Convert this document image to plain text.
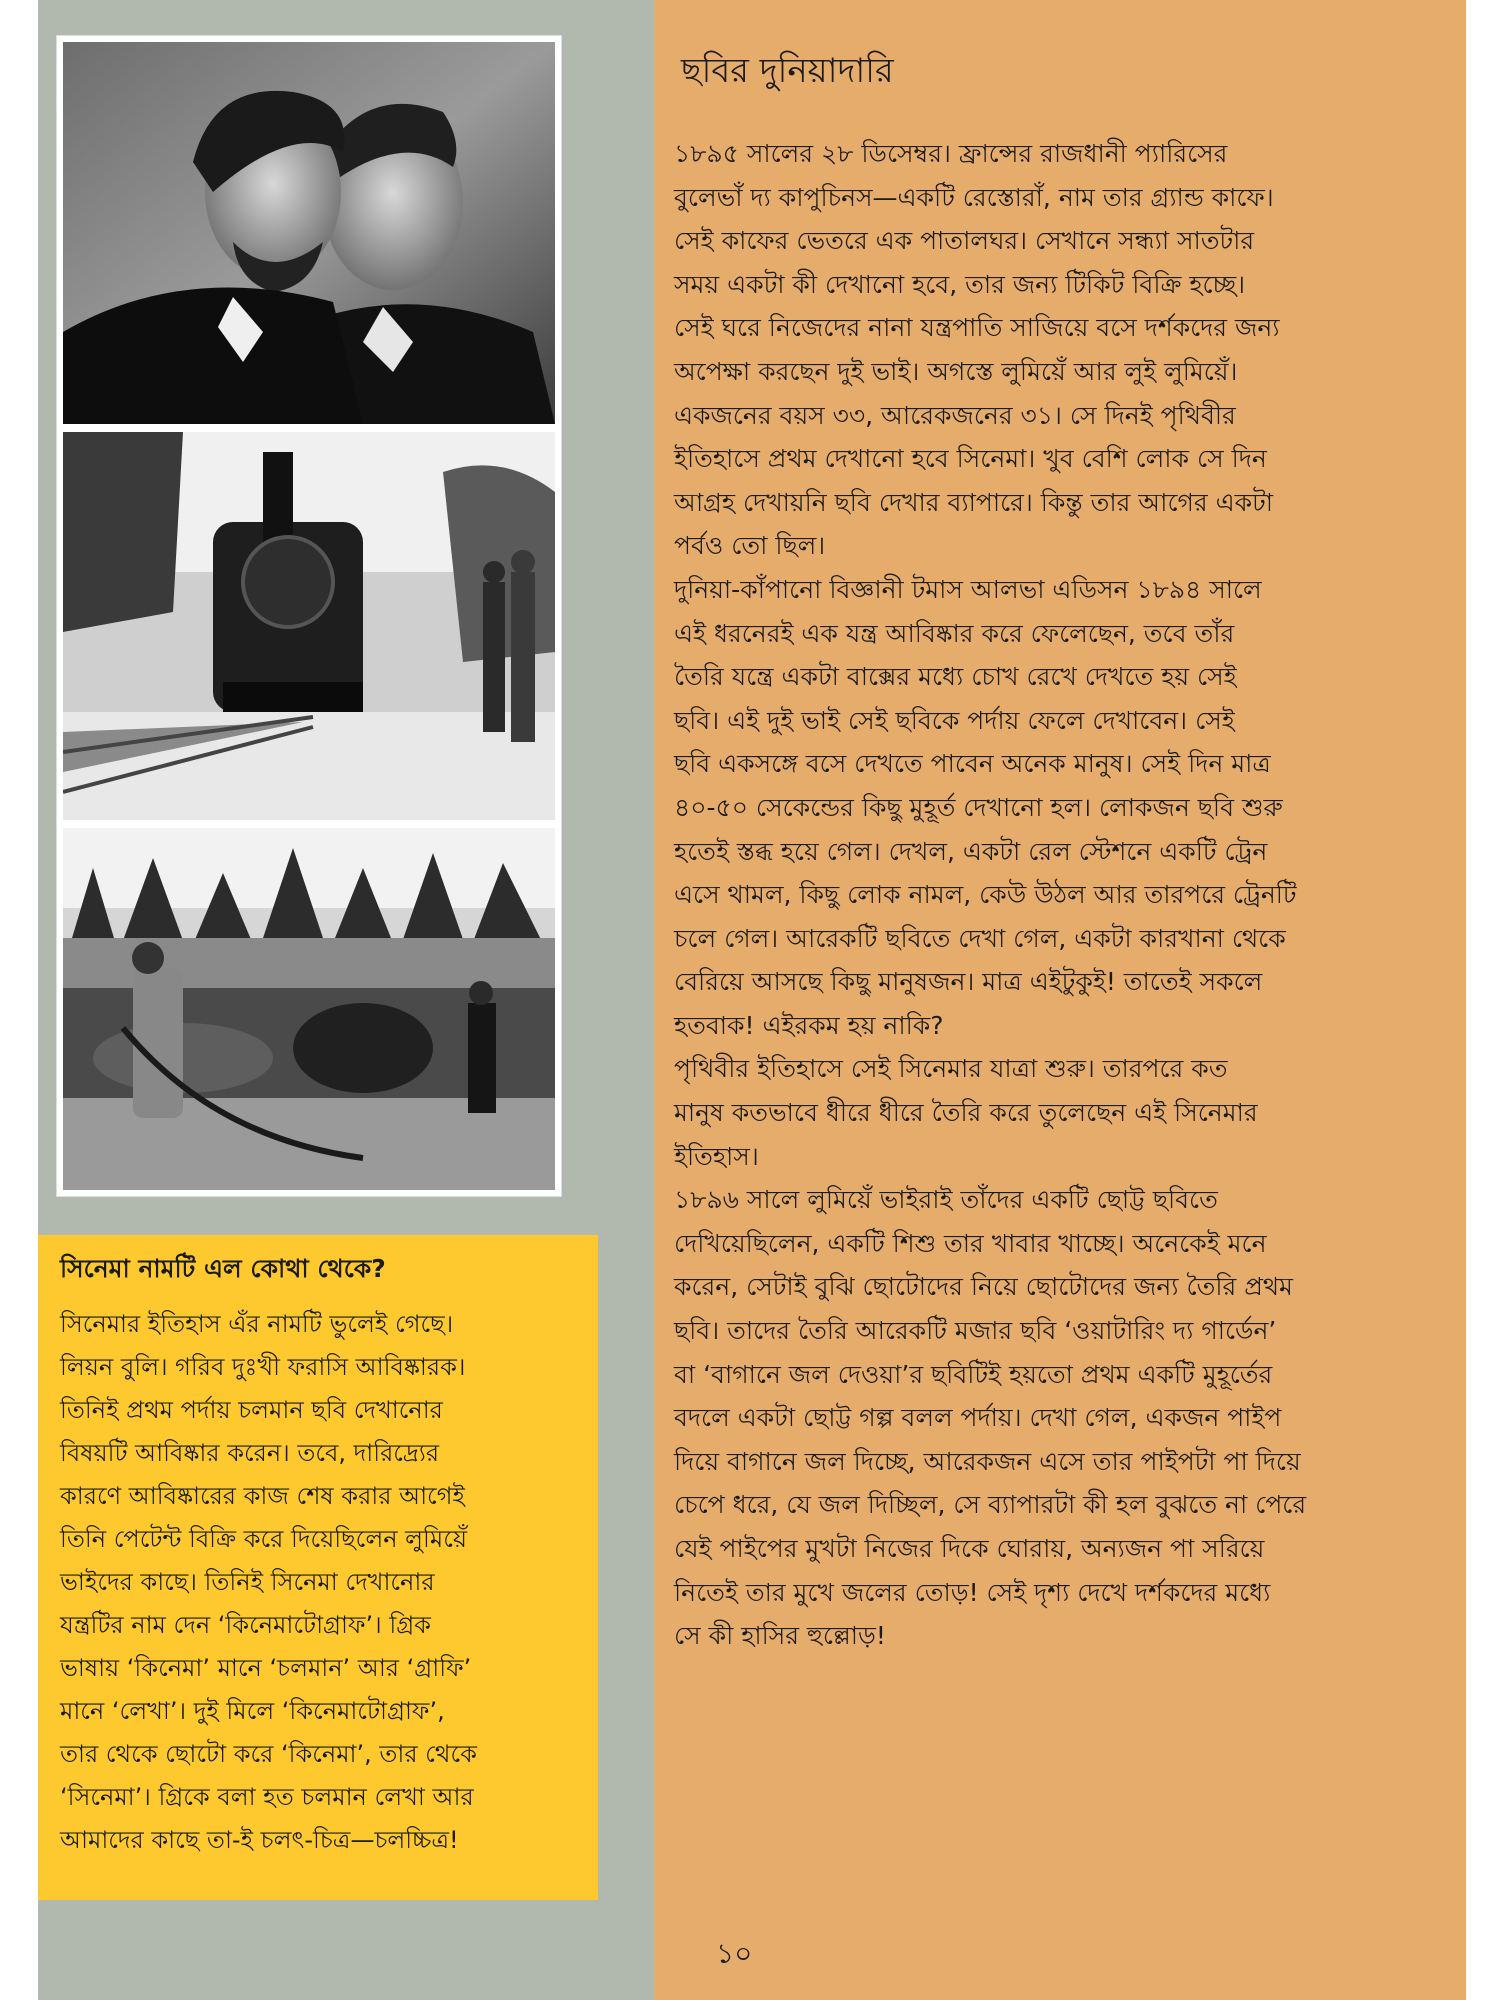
সিনেমা নামটি এল কোথা থেকে?
সিনেমার ইতিহাস এঁর নামটি ভুলেই গেছে।
লিয়ন বুলি। গরিব দুঃখী ফরাসি আবিষ্কারক।
তিনিই প্রথম পর্দায় চলমান ছবি দেখানোর
বিষয়টি আবিষ্কার করেন। তবে, দারিদ্র্যের
কারণে আবিষ্কারের কাজ শেষ করার আগেই
তিনি পেটেন্ট বিক্রি করে দিয়েছিলেন লুমিয়েঁ
ভাইদের কাছে। তিনিই সিনেমা দেখানোর
যন্ত্রটির নাম দেন ‘কিনেমাটোগ্রাফ’। গ্রিক
ভাষায় ‘কিনেমা’ মানে ‘চলমান’ আর ‘গ্রাফি’
মানে ‘লেখা’। দুই মিলে ‘কিনেমাটোগ্রাফ’,
তার থেকে ছোটো করে ‘কিনেমা’, তার থেকে
‘সিনেমা’। গ্রিকে বলা হত চলমান লেখা আর
আমাদের কাছে তা-ই চলৎ-চিত্র—চলচ্চিত্র!
ছবির দুনিয়াদারি
১৮৯৫ সালের ২৮ ডিসেম্বর। ফ্রান্সের রাজধানী প্যারিসের
বুলেভাঁ দ্য কাপুচিনস—একটি রেস্তোরাঁ, নাম তার গ্র্যান্ড কাফে।
সেই কাফের ভেতরে এক পাতালঘর। সেখানে সন্ধ্যা সাতটার
সময় একটা কী দেখানো হবে, তার জন্য টিকিট বিক্রি হচ্ছে।
সেই ঘরে নিজেদের নানা যন্ত্রপাতি সাজিয়ে বসে দর্শকদের জন্য
অপেক্ষা করছেন দুই ভাই। অগস্তে লুমিয়েঁ আর লুই লুমিয়েঁ।
একজনের বয়স ৩৩, আরেকজনের ৩১। সে দিনই পৃথিবীর
ইতিহাসে প্রথম দেখানো হবে সিনেমা। খুব বেশি লোক সে দিন
আগ্রহ দেখায়নি ছবি দেখার ব্যাপারে। কিন্তু তার আগের একটা
পর্বও তো ছিল।
দুনিয়া-কাঁপানো বিজ্ঞানী টমাস আলভা এডিসন ১৮৯৪ সালে
এই ধরনেরই এক যন্ত্র আবিষ্কার করে ফেলেছেন, তবে তাঁর
তৈরি যন্ত্রে একটা বাক্সের মধ্যে চোখ রেখে দেখতে হয় সেই
ছবি। এই দুই ভাই সেই ছবিকে পর্দায় ফেলে দেখাবেন। সেই
ছবি একসঙ্গে বসে দেখতে পাবেন অনেক মানুষ। সেই দিন মাত্র
৪০-৫০ সেকেন্ডের কিছু মুহূর্ত দেখানো হল। লোকজন ছবি শুরু
হতেই স্তব্ধ হয়ে গেল। দেখল, একটা রেল স্টেশনে একটি ট্রেন
এসে থামল, কিছু লোক নামল, কেউ উঠল আর তারপরে ট্রেনটি
চলে গেল। আরেকটি ছবিতে দেখা গেল, একটা কারখানা থেকে
বেরিয়ে আসছে কিছু মানুষজন। মাত্র এইটুকুই! তাতেই সকলে
হতবাক! এইরকম হয় নাকি?
পৃথিবীর ইতিহাসে সেই সিনেমার যাত্রা শুরু। তারপরে কত
মানুষ কতভাবে ধীরে ধীরে তৈরি করে তুলেছেন এই সিনেমার
ইতিহাস।
১৮৯৬ সালে লুমিয়েঁ ভাইরাই তাঁদের একটি ছোট্ট ছবিতে
দেখিয়েছিলেন, একটি শিশু তার খাবার খাচ্ছে। অনেকেই মনে
করেন, সেটাই বুঝি ছোটোদের নিয়ে ছোটোদের জন্য তৈরি প্রথম
ছবি। তাদের তৈরি আরেকটি মজার ছবি ‘ওয়াটারিং দ্য গার্ডেন’
বা ‘বাগানে জল দেওয়া’র ছবিটিই হয়তো প্রথম একটি মুহূর্তের
বদলে একটা ছোট্ট গল্প বলল পর্দায়। দেখা গেল, একজন পাইপ
দিয়ে বাগানে জল দিচ্ছে, আরেকজন এসে তার পাইপটা পা দিয়ে
চেপে ধরে, যে জল দিচ্ছিল, সে ব্যাপারটা কী হল বুঝতে না পেরে
যেই পাইপের মুখটা নিজের দিকে ঘোরায়, অন্যজন পা সরিয়ে
নিতেই তার মুখে জলের তোড়! সেই দৃশ্য দেখে দর্শকদের মধ্যে
সে কী হাসির হুল্লোড়!
১০
